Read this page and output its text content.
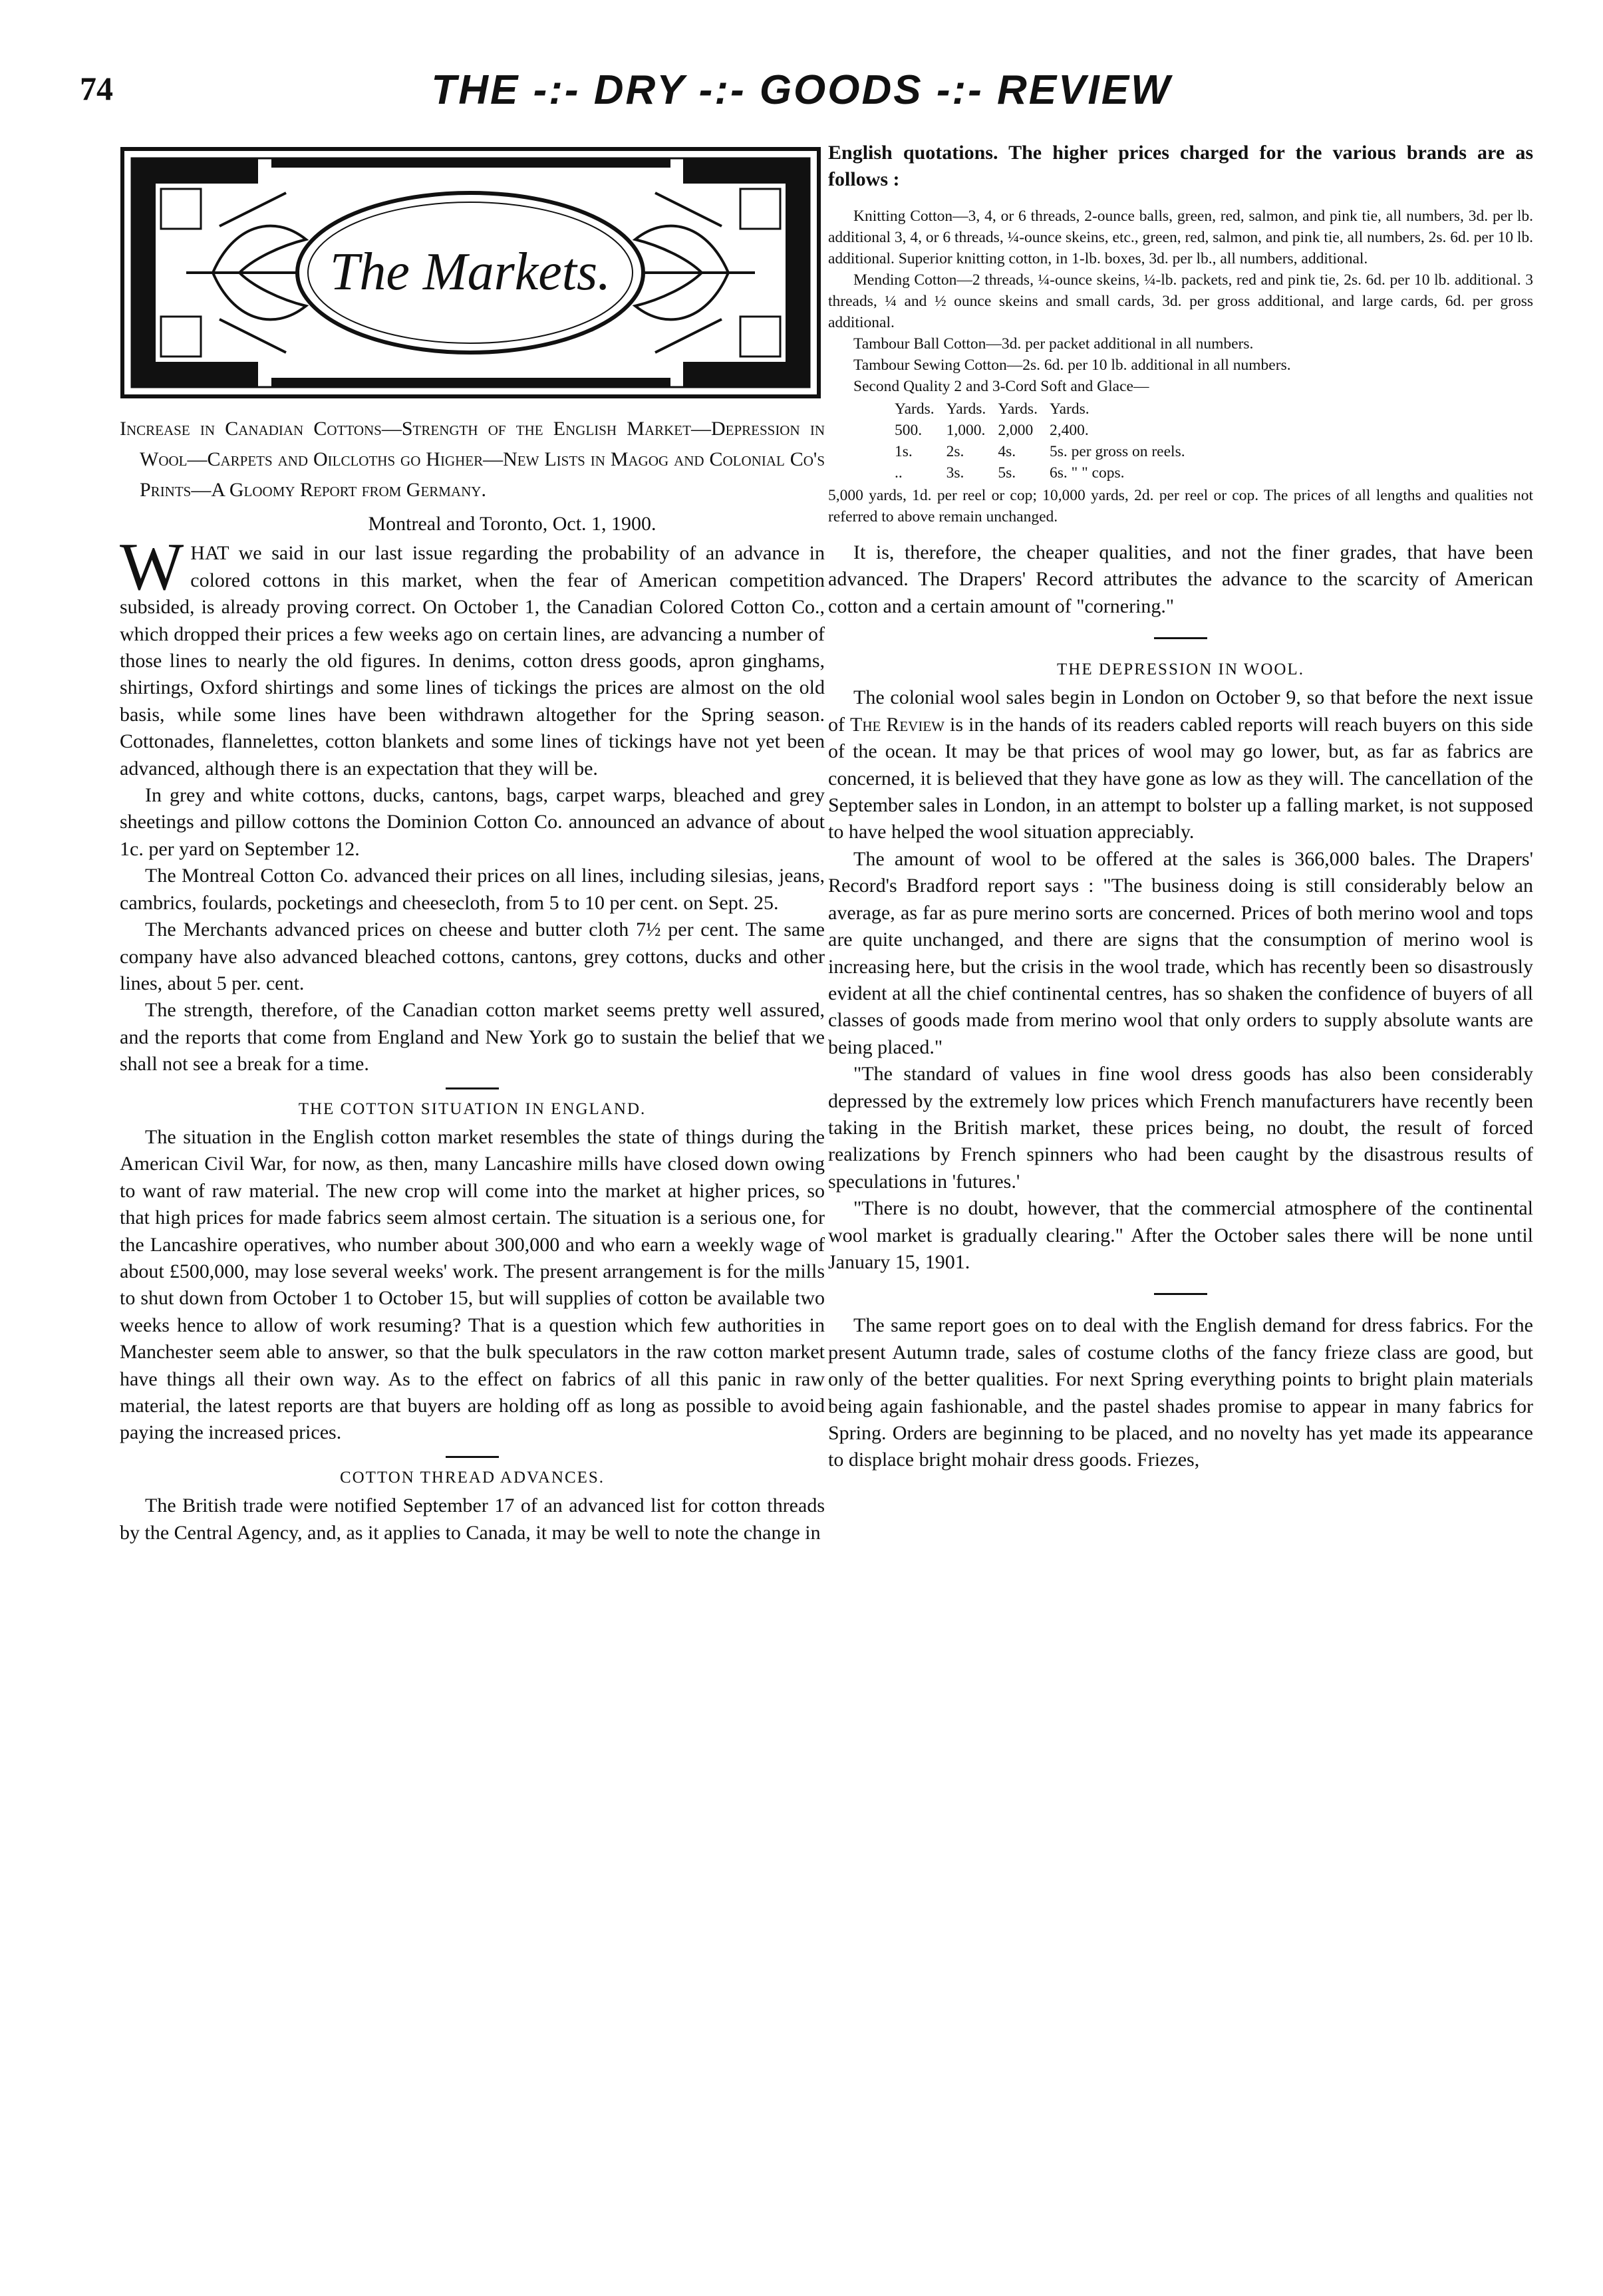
74	THE -:- DRY -:- GOODS -:- REVIEW
The Markets.
Increase in Canadian Cottons—Strength of the English Market—Depression in Wool—Carpets and Oilcloths go Higher—New Lists in Magog and Colonial Co's Prints—A Gloomy Report from Germany.
Montreal and Toronto, Oct. 1, 1900.

WHAT we said in our last issue regarding the probability of an advance in colored cottons in this market, when the fear of American competition subsided, is already proving correct. On October 1, the Canadian Colored Cotton Co., which dropped their prices a few weeks ago on certain lines, are advancing a number of those lines to nearly the old figures. In denims, cotton dress goods, apron ginghams, shirtings, Oxford shirtings and some lines of tickings the prices are almost on the old basis, while some lines have been withdrawn altogether for the Spring season. Cottonades, flannelettes, cotton blankets and some lines of tickings have not yet been advanced, although there is an expectation that they will be.

In grey and white cottons, ducks, cantons, bags, carpet warps, bleached and grey sheetings and pillow cottons the Dominion Cotton Co. announced an advance of about 1c. per yard on September 12.

The Montreal Cotton Co. advanced their prices on all lines, including silesias, jeans, cambrics, foulards, pocketings and cheesecloth, from 5 to 10 per cent. on Sept. 25.

The Merchants advanced prices on cheese and butter cloth 7½ per cent. The same company have also advanced bleached cottons, cantons, grey cottons, ducks and other lines, about 5 per. cent.

The strength, therefore, of the Canadian cotton market seems pretty well assured, and the reports that come from England and New York go to sustain the belief that we shall not see a break for a time.

THE COTTON SITUATION IN ENGLAND.

The situation in the English cotton market resembles the state of things during the American Civil War, for now, as then, many Lancashire mills have closed down owing to want of raw material. The new crop will come into the market at higher prices, so that high prices for made fabrics seem almost certain. The situation is a serious one, for the Lancashire operatives, who number about 300,000 and who earn a weekly wage of about £500,000, may lose several weeks' work. The present arrangement is for the mills to shut down from October 1 to October 15, but will supplies of cotton be available two weeks hence to allow of work resuming? That is a question which few authorities in Manchester seem able to answer, so that the bulk speculators in the raw cotton market have things all their own way. As to the effect on fabrics of all this panic in raw material, the latest reports are that buyers are holding off as long as possible to avoid paying the increased prices.

COTTON THREAD ADVANCES.

The British trade were notified September 17 of an advanced list for cotton threads by the Central Agency, and, as it applies to Canada, it may be well to note the change in

English quotations. The higher prices charged for the various brands are as follows :

Knitting Cotton—3, 4, or 6 threads, 2-ounce balls, green, red, salmon, and pink tie, all numbers, 3d. per lb. additional 3, 4, or 6 threads, ¼-ounce skeins, etc., green, red, salmon, and pink tie, all numbers, 2s. 6d. per 10 lb. additional. Superior knitting cotton, in 1-lb. boxes, 3d. per lb., all numbers, additional.

Mending Cotton—2 threads, ¼-ounce skeins, ¼-lb. packets, red and pink tie, 2s. 6d. per 10 lb. additional. 3 threads, ¼ and ½ ounce skeins and small cards, 3d. per gross additional, and large cards, 6d. per gross additional.

Tambour Ball Cotton—3d. per packet additional in all numbers.

Tambour Sewing Cotton—2s. 6d. per 10 lb. additional in all numbers.

Second Quality 2 and 3-Cord Soft and Glace—

Yards.	Yards.	Yards.	Yards.
500.	1,000.	2,000	2,400.
1s.	2s.	4s.	5s. per gross on reels.
..	3s.	5s.	6s. " " cops.

5,000 yards, 1d. per reel or cop; 10,000 yards, 2d. per reel or cop. The prices of all lengths and qualities not referred to above remain unchanged.

It is, therefore, the cheaper qualities, and not the finer grades, that have been advanced. The Drapers' Record attributes the advance to the scarcity of American cotton and a certain amount of "cornering."

THE DEPRESSION IN WOOL.

The colonial wool sales begin in London on October 9, so that before the next issue of The Review is in the hands of its readers cabled reports will reach buyers on this side of the ocean. It may be that prices of wool may go lower, but, as far as fabrics are concerned, it is believed that they have gone as low as they will. The cancellation of the September sales in London, in an attempt to bolster up a falling market, is not supposed to have helped the wool situation appreciably.

The amount of wool to be offered at the sales is 366,000 bales. The Drapers' Record's Bradford report says : "The business doing is still considerably below an average, as far as pure merino sorts are concerned. Prices of both merino wool and tops are quite unchanged, and there are signs that the consumption of merino wool is increasing here, but the crisis in the wool trade, which has recently been so disastrously evident at all the chief continental centres, has so shaken the confidence of buyers of all classes of goods made from merino wool that only orders to supply absolute wants are being placed."

"The standard of values in fine wool dress goods has also been considerably depressed by the extremely low prices which French manufacturers have recently been taking in the British market, these prices being, no doubt, the result of forced realizations by French spinners who had been caught by the disastrous results of speculations in 'futures.'

"There is no doubt, however, that the commercial atmosphere of the continental wool market is gradually clearing." After the October sales there will be none until January 15, 1901.

The same report goes on to deal with the English demand for dress fabrics. For the present Autumn trade, sales of costume cloths of the fancy frieze class are good, but only of the better qualities. For next Spring everything points to bright plain materials being again fashionable, and the pastel shades promise to appear in many fabrics for Spring. Orders are beginning to be placed, and no novelty has yet made its appearance to displace bright mohair dress goods. Friezes,
